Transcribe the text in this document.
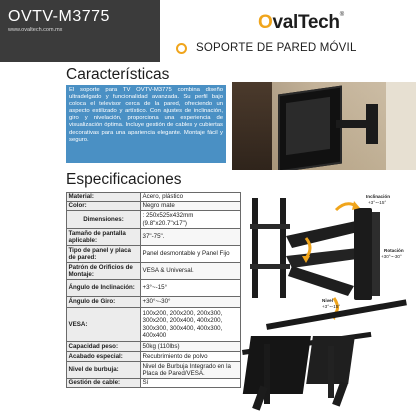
OVTV-M3775
www.ovaltech.com.mx	OvalTech®
SOPORTE DE PARED MÓVIL
Características
El soporte para TV OVTV-M3775 combina diseño ultradelgado y funcionalidad avanzada. Su perfil bajo coloca el televisor cerca de la pared, ofreciendo un aspecto estilizado y artístico. Con ajustes de inclinación, giro y nivelación, proporciona una experiencia de visualización óptima. Incluye gestión de cables y cubiertas decorativas para una apariencia elegante. Montaje fácil y seguro.
Especificaciones
Material:	Acero, plástico
Color:	Negro mate
Dimensiones:	: 250x525x432mm (9.8"x20.7"x17")
Tamaño de pantalla aplicable:	37"-75".
Tipo de panel y placa de pared:	Panel desmontable y Panel Fijo
Patrón de Orificios de Montaje:	VESA & Universal.
Ángulo de Inclinación:	+3°~-15°
Ángulo de Giro:	+30°~-30°
VESA:	100x200, 200x200, 200x300, 300x200, 200x400, 400x200, 300x300, 300x400, 400x300, 400x400
Capacidad peso:	50kg (110lbs)
Acabado especial:	Recubrimiento de polvo
Nivel de burbuja:	Nivel de Burbuja Integrado en la Placa de Pared/VESA.
Gestión de cable:	Sí
Inclinación
+3°~-15°
Rotación
+30°~-30°
Nivel
+3°~-15°
